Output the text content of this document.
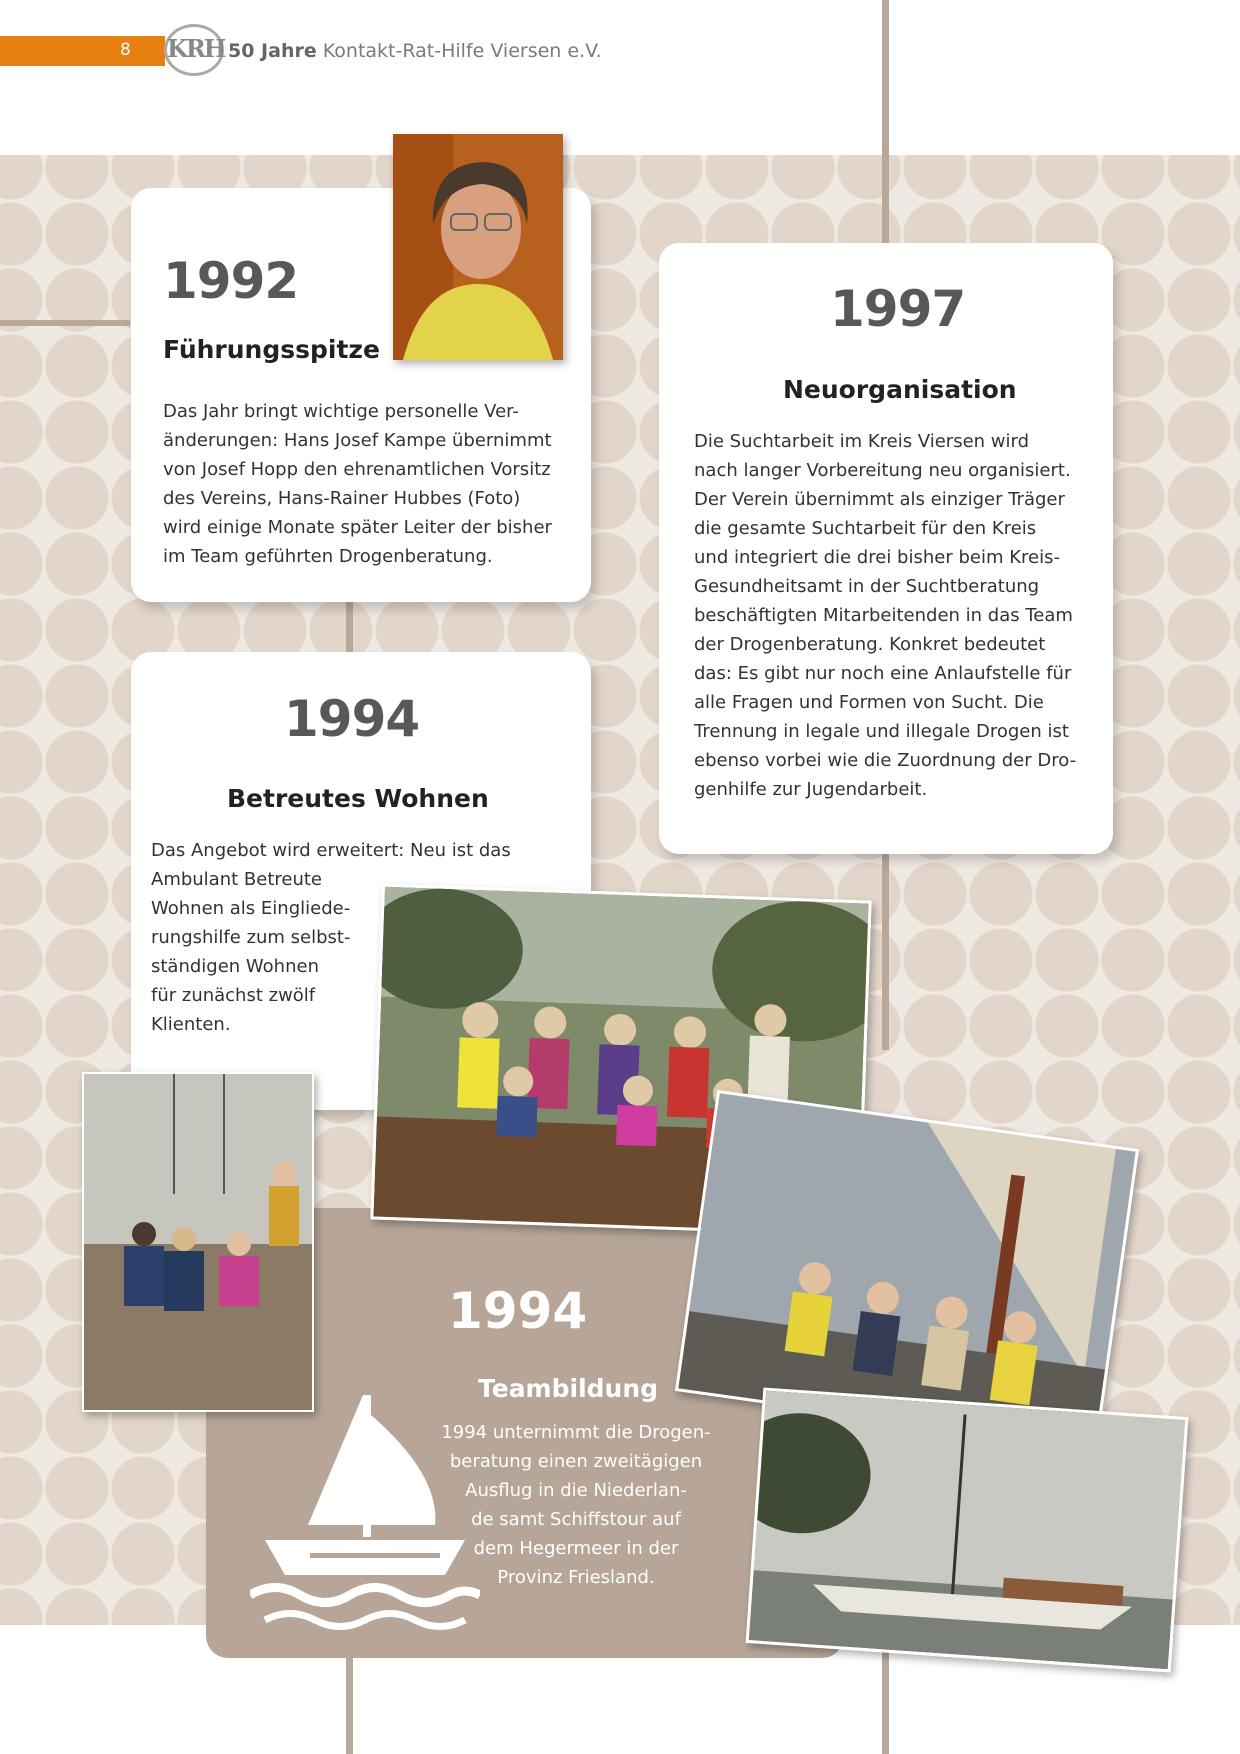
8 KRH 50 Jahre Kontakt-Rat-Hilfe Viersen e.V.
1992
Führungsspitze

Das Jahr bringt wichtige personelle Ver-
änderungen: Hans Josef Kampe übernimmt
von Josef Hopp den ehrenamtlichen Vorsitz
des Vereins, Hans-Rainer Hubbes (Foto)
wird einige Monate später Leiter der bisher
im Team geführten Drogenberatung.

1997
Neuorganisation

Die Suchtarbeit im Kreis Viersen wird
nach langer Vorbereitung neu organisiert.
Der Verein übernimmt als einziger Träger
die gesamte Suchtarbeit für den Kreis
und integriert die drei bisher beim Kreis-
Gesundheitsamt in der Suchtberatung
beschäftigten Mitarbeitenden in das Team
der Drogenberatung. Konkret bedeutet
das: Es gibt nur noch eine Anlaufstelle für
alle Fragen und Formen von Sucht. Die
Trennung in legale und illegale Drogen ist
ebenso vorbei wie die Zuordnung der Dro-
genhilfe zur Jugendarbeit.

1994
Betreutes Wohnen

Das Angebot wird erweitert: Neu ist das
Ambulant Betreute
Wohnen als Eingliede-
rungshilfe zum selbst-
ständigen Wohnen
für zunächst zwölf
Klienten.

1994
Teambildung

1994 unternimmt die Drogen-
beratung einen zweitägigen
Ausflug in die Niederlan-
de samt Schiffstour auf
dem Hegermeer in der
Provinz Friesland.
